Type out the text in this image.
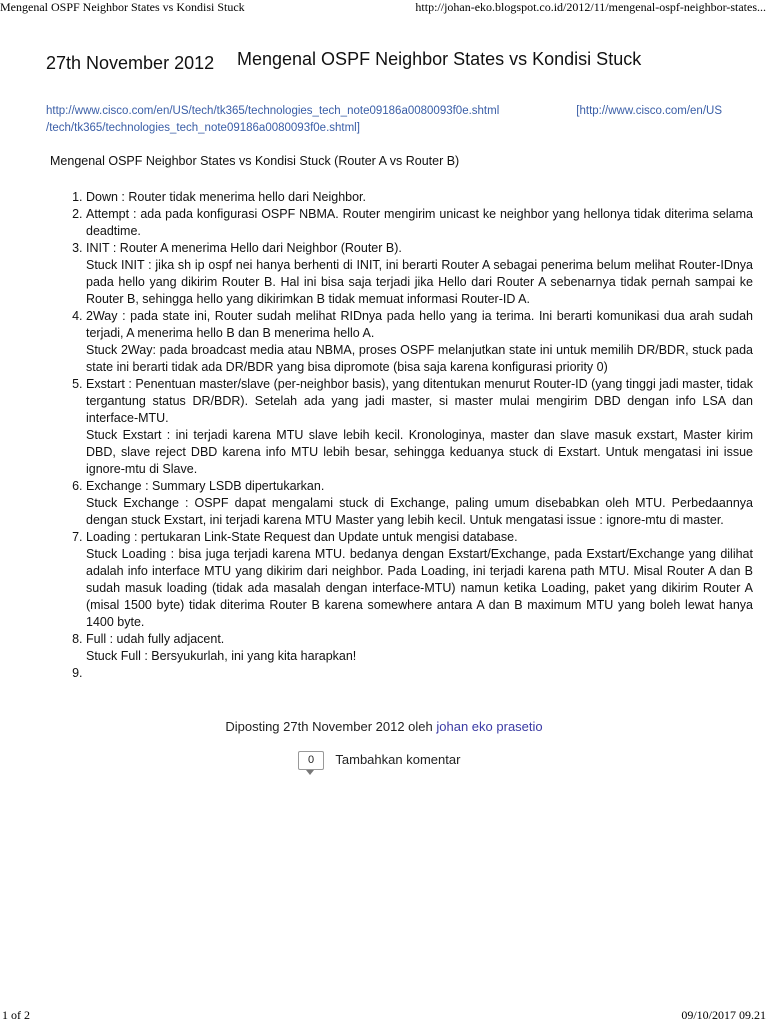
Mengenal OSPF Neighbor States vs Kondisi Stuck	http://johan-eko.blogspot.co.id/2012/11/mengenal-ospf-neighbor-states...
27th November 2012 Mengenal OSPF Neighbor States vs Kondisi Stuck
http://www.cisco.com/en/US/tech/tk365/technologies_tech_note09186a0080093f0e.shtml	[http://www.cisco.com/en/US
/tech/tk365/technologies_tech_note09186a0080093f0e.shtml]
Mengenal OSPF Neighbor States vs Kondisi Stuck (Router A vs Router B)
1. Down : Router tidak menerima hello dari Neighbor.
2. Attempt : ada pada konfigurasi OSPF NBMA. Router mengirim unicast ke neighbor yang hellonya tidak diterima selama deadtime.
3. INIT : Router A menerima Hello dari Neighbor (Router B).
Stuck INIT : jika sh ip ospf nei hanya berhenti di INIT, ini berarti Router A sebagai penerima belum melihat Router-IDnya pada hello yang dikirim Router B. Hal ini bisa saja terjadi jika Hello dari Router A sebenarnya tidak pernah sampai ke Router B, sehingga hello yang dikirimkan B tidak memuat informasi Router-ID A.
4. 2Way : pada state ini, Router sudah melihat RIDnya pada hello yang ia terima. Ini berarti komunikasi dua arah sudah terjadi, A menerima hello B dan B menerima hello A.
Stuck 2Way: pada broadcast media atau NBMA, proses OSPF melanjutkan state ini untuk memilih DR/BDR, stuck pada state ini berarti tidak ada DR/BDR yang bisa dipromote (bisa saja karena konfigurasi priority 0)
5. Exstart : Penentuan master/slave (per-neighbor basis), yang ditentukan menurut Router-ID (yang tinggi jadi master, tidak tergantung status DR/BDR). Setelah ada yang jadi master, si master mulai mengirim DBD dengan info LSA dan interface-MTU.
Stuck Exstart : ini terjadi karena MTU slave lebih kecil. Kronologinya, master dan slave masuk exstart, Master kirim DBD, slave reject DBD karena info MTU lebih besar, sehingga keduanya stuck di Exstart. Untuk mengatasi ini issue ignore-mtu di Slave.
6. Exchange : Summary LSDB dipertukarkan.
Stuck Exchange : OSPF dapat mengalami stuck di Exchange, paling umum disebabkan oleh MTU. Perbedaannya dengan stuck Exstart, ini terjadi karena MTU Master yang lebih kecil. Untuk mengatasi issue : ignore-mtu di master.
7. Loading : pertukaran Link-State Request dan Update untuk mengisi database.
Stuck Loading : bisa juga terjadi karena MTU. bedanya dengan Exstart/Exchange, pada Exstart/Exchange yang dilihat adalah info interface MTU yang dikirim dari neighbor. Pada Loading, ini terjadi karena path MTU. Misal Router A dan B sudah masuk loading (tidak ada masalah dengan interface-MTU) namun ketika Loading, paket yang dikirim Router A (misal 1500 byte) tidak diterima Router B karena somewhere antara A dan B maximum MTU yang boleh lewat hanya 1400 byte.
8. Full : udah fully adjacent.
Stuck Full : Bersyukurlah, ini yang kita harapkan!
9.
Diposting 27th November 2012 oleh johan eko prasetio
0 Tambahkan komentar
1 of 2	09/10/2017 09.21
